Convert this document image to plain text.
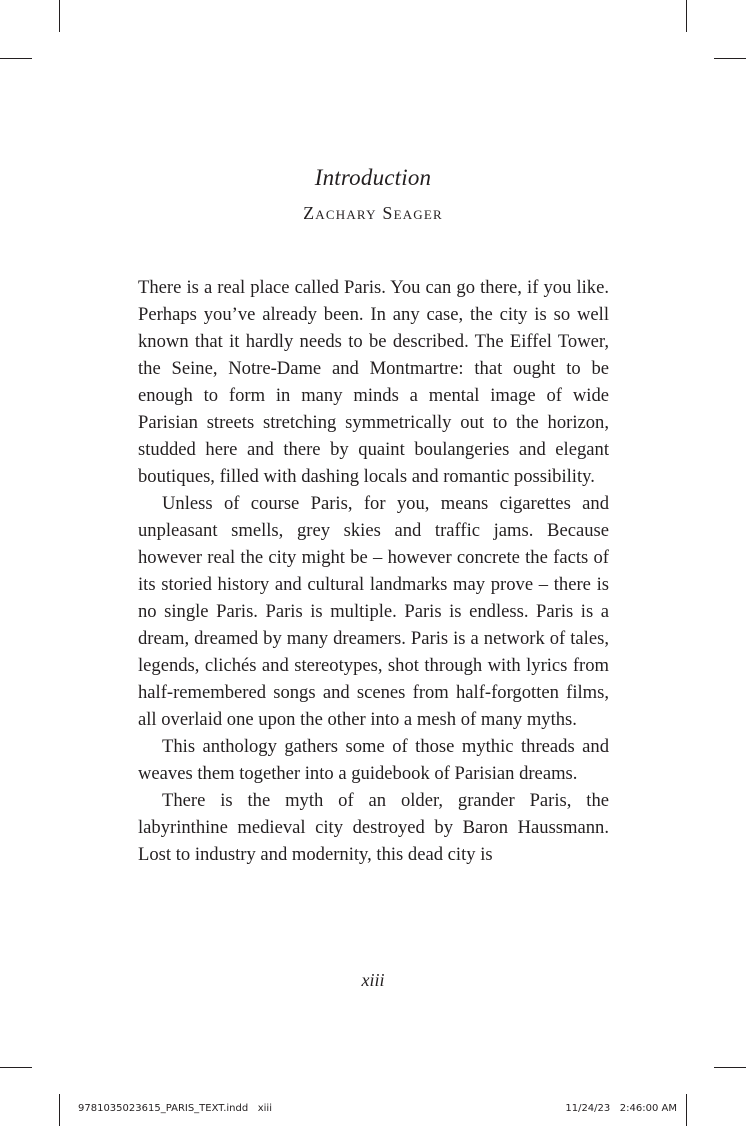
Introduction
Zachary Seager

There is a real place called Paris. You can go there, if you like. Perhaps you’ve already been. In any case, the city is so well known that it hardly needs to be described. The Eiffel Tower, the Seine, Notre-Dame and Montmartre: that ought to be enough to form in many minds a mental image of wide Parisian streets stretching symmetrically out to the horizon, studded here and there by quaint boulangeries and elegant boutiques, filled with dashing locals and romantic possibility.

Unless of course Paris, for you, means cigarettes and unpleasant smells, grey skies and traffic jams. Because however real the city might be – however concrete the facts of its storied history and cultural landmarks may prove – there is no single Paris. Paris is multiple. Paris is endless. Paris is a dream, dreamed by many dreamers. Paris is a network of tales, legends, clichés and stereotypes, shot through with lyrics from half-remembered songs and scenes from half-forgotten films, all overlaid one upon the other into a mesh of many myths.

This anthology gathers some of those mythic threads and weaves them together into a guidebook of Parisian dreams.

There is the myth of an older, grander Paris, the labyrinthine medieval city destroyed by Baron Haussmann. Lost to industry and modernity, this dead city is

xiii
9781035023615_PARIS_TEXT.indd   xiii	11/24/23   2:46:00 AM
